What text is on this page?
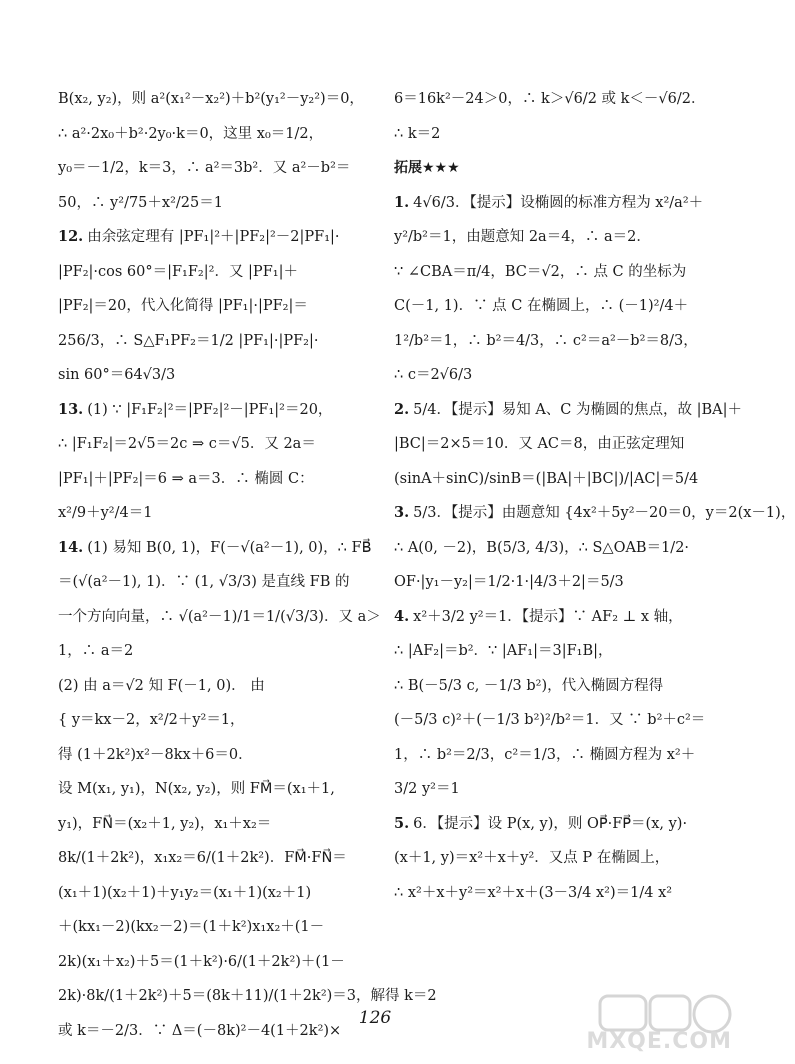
B(x₂, y₂)，则 a²(x₁²－x₂²)＋b²(y₁²－y₂²)＝0，
∴ a²·2x₀＋b²·2y₀·k＝0，这里 x₀＝1/2，
y₀＝－1/2，k＝3，∴ a²＝3b²．又 a²－b²＝
50，∴ y²/75＋x²/25＝1
12. 由余弦定理有 |PF₁|²＋|PF₂|²－2|PF₁|·
|PF₂|·cos 60°＝|F₁F₂|²．又 |PF₁|＋
|PF₂|＝20，代入化简得 |PF₁|·|PF₂|＝
256/3，∴ S△F₁PF₂＝1/2 |PF₁|·|PF₂|·
sin 60°＝64√3/3
13. (1) ∵ |F₁F₂|²＝|PF₂|²－|PF₁|²＝20，
∴ |F₁F₂|＝2√5＝2c ⇒ c＝√5．又 2a＝
|PF₁|＋|PF₂|＝6 ⇒ a＝3．∴ 椭圆 C：
x²/9＋y²/4＝1
14. (1) 易知 B(0, 1)，F(－√(a²－1), 0)，∴ FB⃗
＝(√(a²－1), 1)．∵ (1, √3/3) 是直线 FB 的
一个方向向量，∴ √(a²－1)/1＝1/(√3/3)．又 a＞
1，∴ a＝2
(2) 由 a＝√2 知 F(－1, 0)． 由
{ y＝kx－2，x²/2＋y²＝1，
得 (1＋2k²)x²－8kx＋6＝0．
设 M(x₁, y₁)，N(x₂, y₂)，则 FM⃗＝(x₁＋1,
y₁)，FN⃗＝(x₂＋1, y₂)，x₁＋x₂＝
8k/(1＋2k²)，x₁x₂＝6/(1＋2k²)．FM⃗·FN⃗＝
(x₁＋1)(x₂＋1)＋y₁y₂＝(x₁＋1)(x₂＋1)
＋(kx₁－2)(kx₂－2)＝(1＋k²)x₁x₂＋(1－
2k)(x₁＋x₂)＋5＝(1＋k²)·6/(1＋2k²)＋(1－
2k)·8k/(1＋2k²)＋5＝(8k＋11)/(1＋2k²)＝3，解得 k＝2
或 k＝－2/3．∵ Δ＝(－8k)²－4(1＋2k²)×
6＝16k²－24＞0，∴ k＞√6/2 或 k＜－√6/2．
∴ k＝2
拓展★★★
1. 4√6/3．【提示】设椭圆的标准方程为 x²/a²＋
y²/b²＝1，由题意知 2a＝4，∴ a＝2．
∵ ∠CBA＝π/4，BC＝√2，∴ 点 C 的坐标为
C(－1, 1)．∵ 点 C 在椭圆上，∴ (－1)²/4＋
1²/b²＝1，∴ b²＝4/3，∴ c²＝a²－b²＝8/3，
∴ c＝2√6/3
2. 5/4．【提示】易知 A、C 为椭圆的焦点，故 |BA|＋
|BC|＝2×5＝10．又 AC＝8，由正弦定理知
(sinA＋sinC)/sinB＝(|BA|＋|BC|)/|AC|＝5/4
3. 5/3．【提示】由题意知 {4x²＋5y²－20＝0，y＝2(x－1)，
∴ A(0, －2)，B(5/3, 4/3)，∴ S△OAB＝1/2·
OF·|y₁－y₂|＝1/2·1·|4/3＋2|＝5/3
4. x²＋3/2 y²＝1．【提示】∵ AF₂ ⊥ x 轴，
∴ |AF₂|＝b²．∵ |AF₁|＝3|F₁B|，
∴ B(－5/3 c, －1/3 b²)，代入椭圆方程得
(－5/3 c)²＋(－1/3 b²)²/b²＝1．又 ∵ b²＋c²＝
1，∴ b²＝2/3，c²＝1/3，∴ 椭圆方程为 x²＋
3/2 y²＝1
5. 6．【提示】设 P(x, y)，则 OP⃗·FP⃗＝(x, y)·
(x＋1, y)＝x²＋x＋y²．又点 P 在椭圆上，
∴ x²＋x＋y²＝x²＋x＋(3－3/4 x²)＝1/4 x²
126
MXQE.COM
